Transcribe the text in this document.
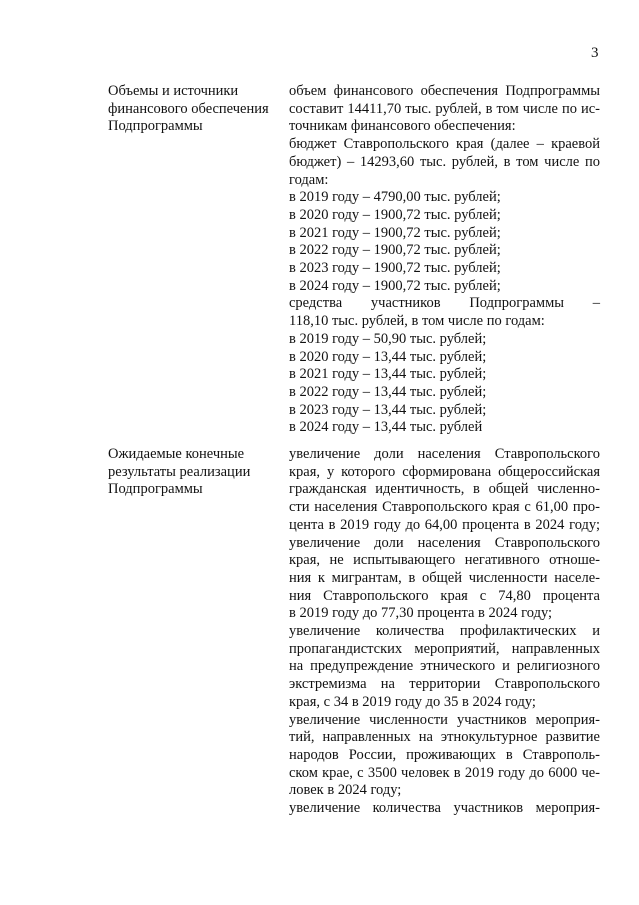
3
Объемы и источники
финансового обеспечения
Подпрограммы
объем финансового обеспечения Подпрограммы
составит 14411,70 тыс. рублей, в том числе по ис-
точникам финансового обеспечения:
бюджет Ставропольского края (далее – краевой
бюджет) – 14293,60 тыс. рублей, в том числе по
годам:
в 2019 году – 4790,00 тыс. рублей;
в 2020 году – 1900,72 тыс. рублей;
в 2021 году – 1900,72 тыс. рублей;
в 2022 году – 1900,72 тыс. рублей;
в 2023 году – 1900,72 тыс. рублей;
в 2024 году – 1900,72 тыс. рублей;
средства участников Подпрограммы –
118,10 тыс. рублей, в том числе по годам:
в 2019 году – 50,90 тыс. рублей;
в 2020 году – 13,44 тыс. рублей;
в 2021 году – 13,44 тыс. рублей;
в 2022 году – 13,44 тыс. рублей;
в 2023 году – 13,44 тыс. рублей;
в 2024 году – 13,44 тыс. рублей
Ожидаемые конечные
результаты реализации
Подпрограммы
увеличение доли населения Ставропольского
края, у которого сформирована общероссийская
гражданская идентичность, в общей численно-
сти населения Ставропольского края с 61,00 про-
цента в 2019 году до 64,00 процента в 2024 году;
увеличение доли населения Ставропольского
края, не испытывающего негативного отноше-
ния к мигрантам, в общей численности населе-
ния Ставропольского края с 74,80 процента
в 2019 году до 77,30 процента в 2024 году;
увеличение количества профилактических и
пропагандистских мероприятий, направленных
на предупреждение этнического и религиозного
экстремизма на территории Ставропольского
края, с 34 в 2019 году до 35 в 2024 году;
увеличение численности участников мероприя-
тий, направленных на этнокультурное развитие
народов России, проживающих в Ставрополь-
ском крае, с 3500 человек в 2019 году до 6000 че-
ловек в 2024 году;
увеличение количества участников мероприя-
